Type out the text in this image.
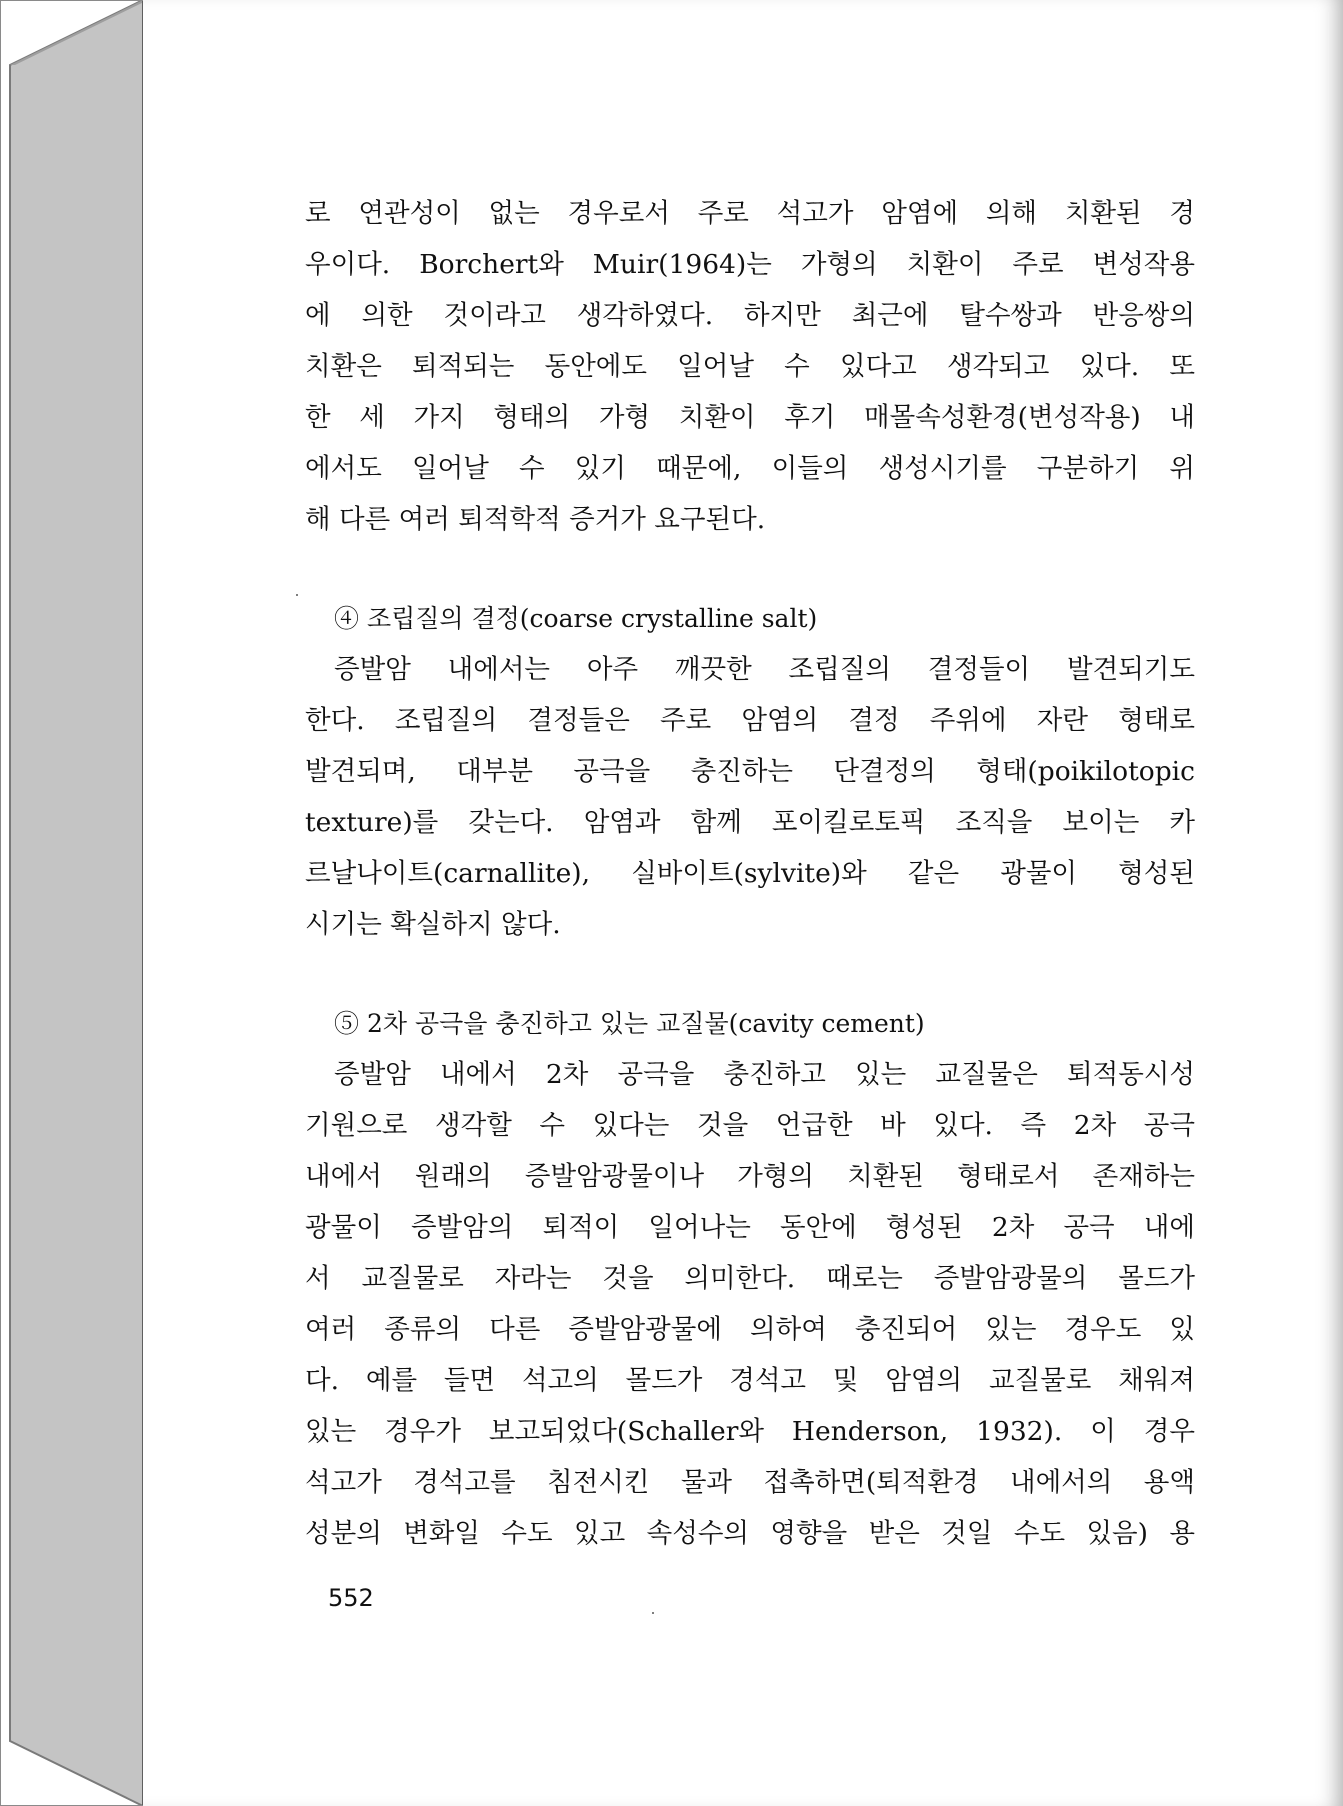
로 연관성이 없는 경우로서 주로 석고가 암염에 의해 치환된 경
우이다. Borchert와 Muir(1964)는 가형의 치환이 주로 변성작용
에 의한 것이라고 생각하였다. 하지만 최근에 탈수쌍과 반응쌍의
치환은 퇴적되는 동안에도 일어날 수 있다고 생각되고 있다. 또
한 세 가지 형태의 가형 치환이 후기 매몰속성환경(변성작용) 내
에서도 일어날 수 있기 때문에, 이들의 생성시기를 구분하기 위
해 다른 여러 퇴적학적 증거가 요구된다.
④ 조립질의 결정(coarse crystalline salt)
증발암 내에서는 아주 깨끗한 조립질의 결정들이 발견되기도
한다. 조립질의 결정들은 주로 암염의 결정 주위에 자란 형태로
발견되며, 대부분 공극을 충진하는 단결정의 형태(poikilotopic
texture)를 갖는다. 암염과 함께 포이킬로토픽 조직을 보이는 카
르날나이트(carnallite), 실바이트(sylvite)와 같은 광물이 형성된
시기는 확실하지 않다.
⑤ 2차 공극을 충진하고 있는 교질물(cavity cement)
증발암 내에서 2차 공극을 충진하고 있는 교질물은 퇴적동시성
기원으로 생각할 수 있다는 것을 언급한 바 있다. 즉 2차 공극
내에서 원래의 증발암광물이나 가형의 치환된 형태로서 존재하는
광물이 증발암의 퇴적이 일어나는 동안에 형성된 2차 공극 내에
서 교질물로 자라는 것을 의미한다. 때로는 증발암광물의 몰드가
여러 종류의 다른 증발암광물에 의하여 충진되어 있는 경우도 있
다. 예를 들면 석고의 몰드가 경석고 및 암염의 교질물로 채워져
있는 경우가 보고되었다(Schaller와 Henderson, 1932). 이 경우
석고가 경석고를 침전시킨 물과 접촉하면(퇴적환경 내에서의 용액
성분의 변화일 수도 있고 속성수의 영향을 받은 것일 수도 있음) 용
552
